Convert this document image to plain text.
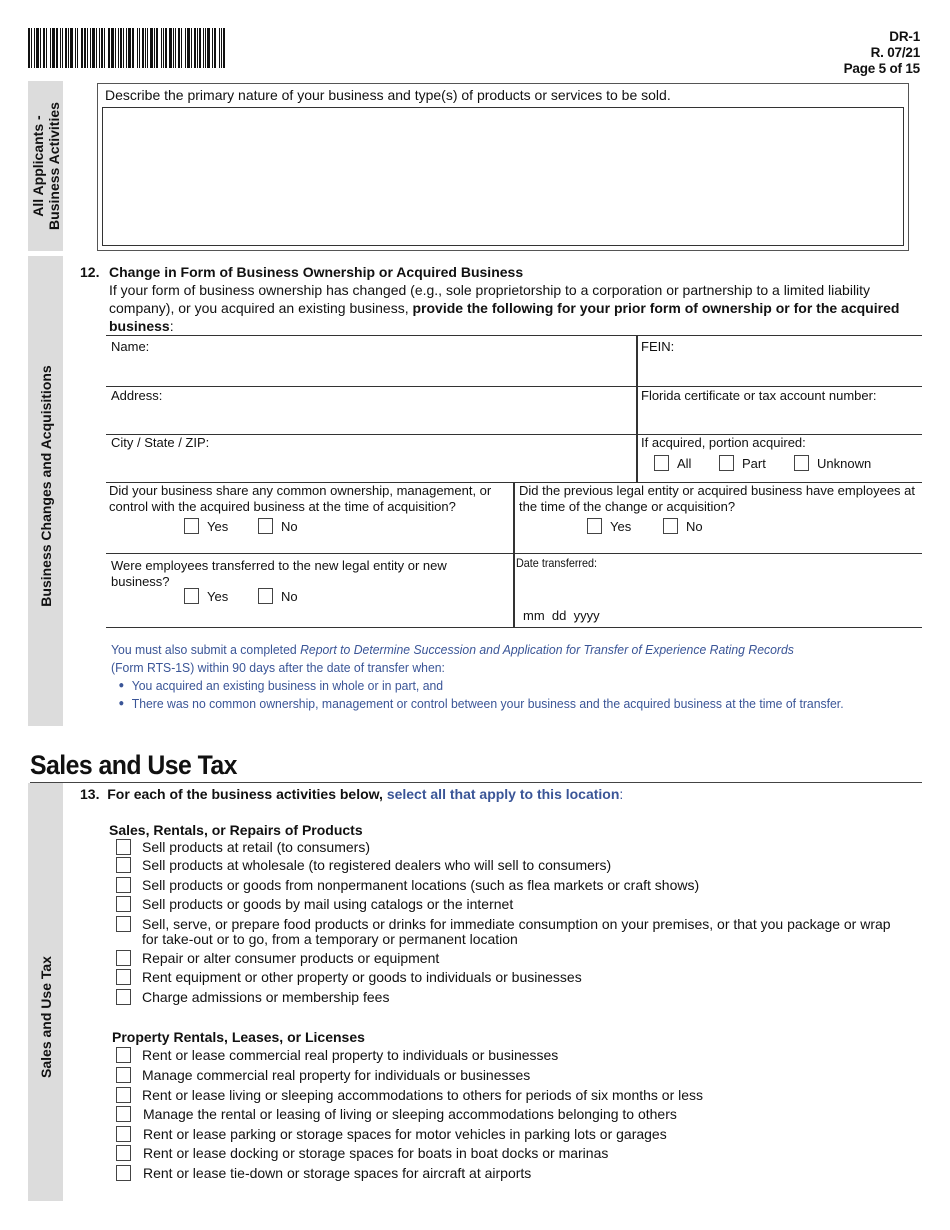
DR-1
R. 07/21
Page 5 of 15
All Applicants - Business Activities
Business Changes and Acquisitions
Sales and Use Tax
Describe the primary nature of your business and type(s) of products or services to be sold.
12. Change in Form of Business Ownership or Acquired Business
If your form of business ownership has changed (e.g., sole proprietorship to a corporation or partnership to a limited liability company), or you acquired an existing business, provide the following for your prior form of ownership or for the acquired business:
Name:	FEIN:
Address:	Florida certificate or tax account number:
City / State / ZIP:	If acquired, portion acquired:
All	Part	Unknown
Did your business share any common ownership, management, or control with the acquired business at the time of acquisition?
Yes	No
Did the previous legal entity or acquired business have employees at the time of the change or acquisition?
Yes	No
Were employees transferred to the new legal entity or new business?
Yes	No
Date transferred:
mm  dd  yyyy
You must also submit a completed Report to Determine Succession and Application for Transfer of Experience Rating Records
(Form RTS-1S) within 90 days after the date of transfer when:
● You acquired an existing business in whole or in part, and
● There was no common ownership, management or control between your business and the acquired business at the time of transfer.
Sales and Use Tax
13. For each of the business activities below, select all that apply to this location:
Sales, Rentals, or Repairs of Products
Sell products at retail (to consumers)
Sell products at wholesale (to registered dealers who will sell to consumers)
Sell products or goods from nonpermanent locations (such as flea markets or craft shows)
Sell products or goods by mail using catalogs or the internet
Sell, serve, or prepare food products or drinks for immediate consumption on your premises, or that you package or wrap for take-out or to go, from a temporary or permanent location
Repair or alter consumer products or equipment
Rent equipment or other property or goods to individuals or businesses
Charge admissions or membership fees
Property Rentals, Leases, or Licenses
Rent or lease commercial real property to individuals or businesses
Manage commercial real property for individuals or businesses
Rent or lease living or sleeping accommodations to others for periods of six months or less
Manage the rental or leasing of living or sleeping accommodations belonging to others
Rent or lease parking or storage spaces for motor vehicles in parking lots or garages
Rent or lease docking or storage spaces for boats in boat docks or marinas
Rent or lease tie-down or storage spaces for aircraft at airports
